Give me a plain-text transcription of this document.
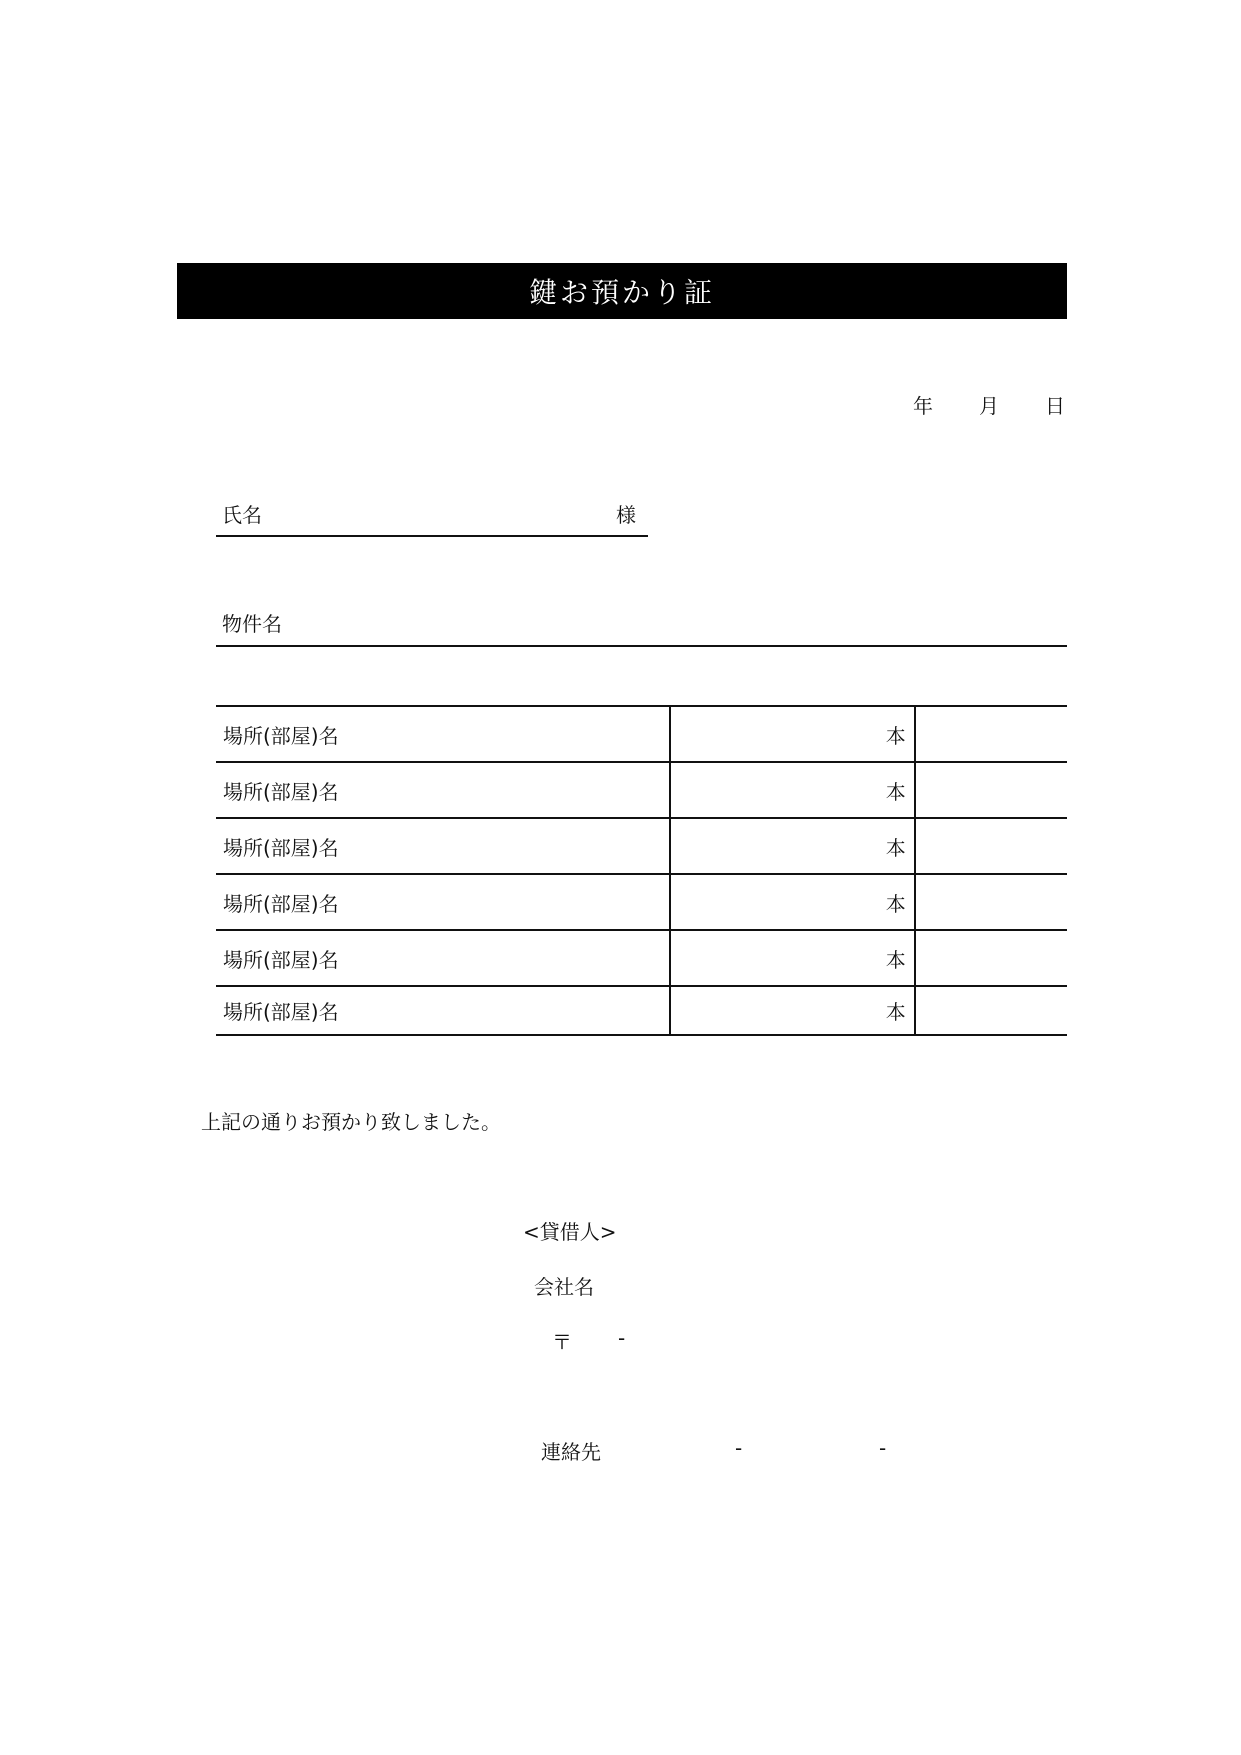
鍵お預かり証
年 月 日
氏名	様
物件名
場所(部屋)名	本	
場所(部屋)名	本	
場所(部屋)名	本	
場所(部屋)名	本	
場所(部屋)名	本	
場所(部屋)名	本	
上記の通りお預かり致しました。
<貸借人>
会社名
〒 -
連絡先	-	-
